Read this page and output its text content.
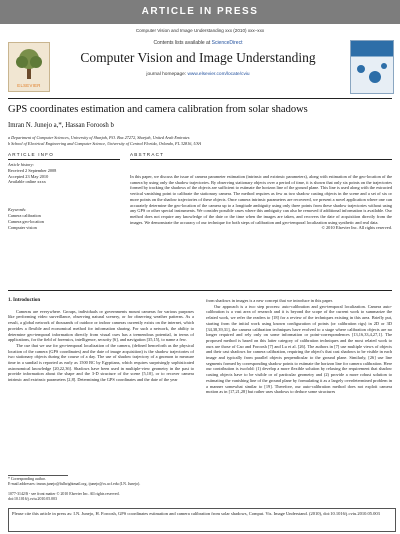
ARTICLE IN PRESS
Computer Vision and Image Understanding xxx (2010) xxx–xxx
ELSEVIER
Contents lists available at ScienceDirect
Computer Vision and Image Understanding
journal homepage: www.elsevier.com/locate/cviu
GPS coordinates estimation and camera calibration from solar shadows
Imran N. Junejo a,*, Hassan Foroosh b
a Department of Computer Sciences, University of Sharjah, P.O. Box 27272, Sharjah, United Arab Emirates
b School of Electrical Engineering and Computer Science, University of Central Florida, Orlando, FL 32816, USA
ARTICLE INFO	ABSTRACT
Article history:
Received 2 September 2008
Accepted 23 May 2010
Available online xxxx
Keywords:
Camera calibration
Camera geo-location
Computer vision
In this paper, we discuss the issue of camera parameter estimation (intrinsic and extrinsic parameters), along with estimation of the geo-location of the camera by using only the shadow trajectories. By observing stationary objects over a period of time, it is shown that only six points on the trajectories formed by tracking the shadows of the objects are sufficient to estimate the horizon line of the ground plane. This line is used along with the extracted vertical vanishing point to calibrate the stationary camera. The method requires as few as two shadow casting objects in the scene and a set of six or more points on the shadow trajectories of these objects. Once camera intrinsic parameters are recovered, we present a novel application where one can accurately determine the geo-location of the camera up to a longitude ambiguity using only three points from these shadow trajectories without using any GPS or other special instruments. We consider possible cases where this ambiguity can also be removed if additional information is available. Our method does not require any knowledge of the date or the time when the images are taken, and recovers the date of acquisition directly from the images. We demonstrate the accuracy of our technique for both steps of calibration and geo-temporal localization using synthetic and real data.
© 2010 Elsevier Inc. All rights reserved.
1. Introduction

Cameras are everywhere. Groups, individuals or governments mount cameras for various purposes like performing video surveillance, observing natural scenery, or for observing weather patterns. As a result, a global network of thousands of outdoor or indoor cameras currently exists on the internet, which provides a flexible and economical method for information sharing. For such a network, the ability to determine geo-temporal information directly from visual cues has a tremendous potential, in terms of applications, for the field of forensics, intelligence, security [6], and navigation [35,15], to name a few.

The cue that we use for geo-temporal localization of the camera, (defined henceforth as the physical location of the camera (GPS coordinates) and the date of image acquisition) is the shadow trajectories of two stationary objects during the course of a day. The use of shadow trajectory of a gnomon to measure time in a sundial is reported as early as 1500 BC by Egyptians, which requires surprisingly sophisticated astronomical knowledge [20,22,36]. Shadows have been used in multiple-view geometry in the past to provide information about the shape and the 3-D structure of the scene [5,10], or to recover camera intrinsic and extrinsic parameters [2,8]. Determining the GPS coordinates and the date of the year

from shadows in images is a new concept that we introduce in this paper.

Our approach is a two step process: auto-calibration and geo-temporal localization. Camera auto-calibration is a vast area of research and it is beyond the scope of the current work to summarize the related work, we refer the readers to [18] for a review of the techniques existing in this area. Briefly put, starting from the initial work using known configuration of points (or calibration rigs) in 2D or 3D [34,38,39,31], the camera calibration techniques have evolved to a stage where calibration objects are no longer required and rely only on some information or point-correspondences [13,16,33,4,27,1]. The proposed method is based on this latter category of calibration techniques and the most related work to ours are those of Cao and Foroosh [7] and Lu et al. [26]. The authors in [7] use multiple views of objects and their cast shadows for camera calibration, requiring the object's that cast shadows to be visible in each image and typically from parallel objects perpendicular to the ground plane. Similarly, [26] use line segments formed by corresponding shadow points to estimate the horizon line for camera calibration. Here our contribution is twofold: (1) develop a more flexible solution by relaxing the requirement that shadow casting objects have to be visible or of particular geometry and (2) provide a more robust solution to estimating the vanishing line of the ground plane by formulating it as a largely overdetermined problem in a manner somewhat similar to [19]. Therefore, our auto-calibration method does not exploit camera motion as in [17,21,28] but rather uses shadows to deduce some structures

* Corresponding author.
E-mail addresses: imran.junejo@fulbrightmail.org, ijunejo@cs.ucf.edu (I.N. Junejo).
1077-3142/$ - see front matter © 2010 Elsevier Inc. All rights reserved.
doi:10.1016/j.cviu.2010.05.003
Please cite this article in press as: I.N. Junejo, H. Foroosh, GPS coordinates estimation and camera calibration from solar shadows, Comput. Vis. Image Understand. (2010), doi:10.1016/j.cviu.2010.05.003
